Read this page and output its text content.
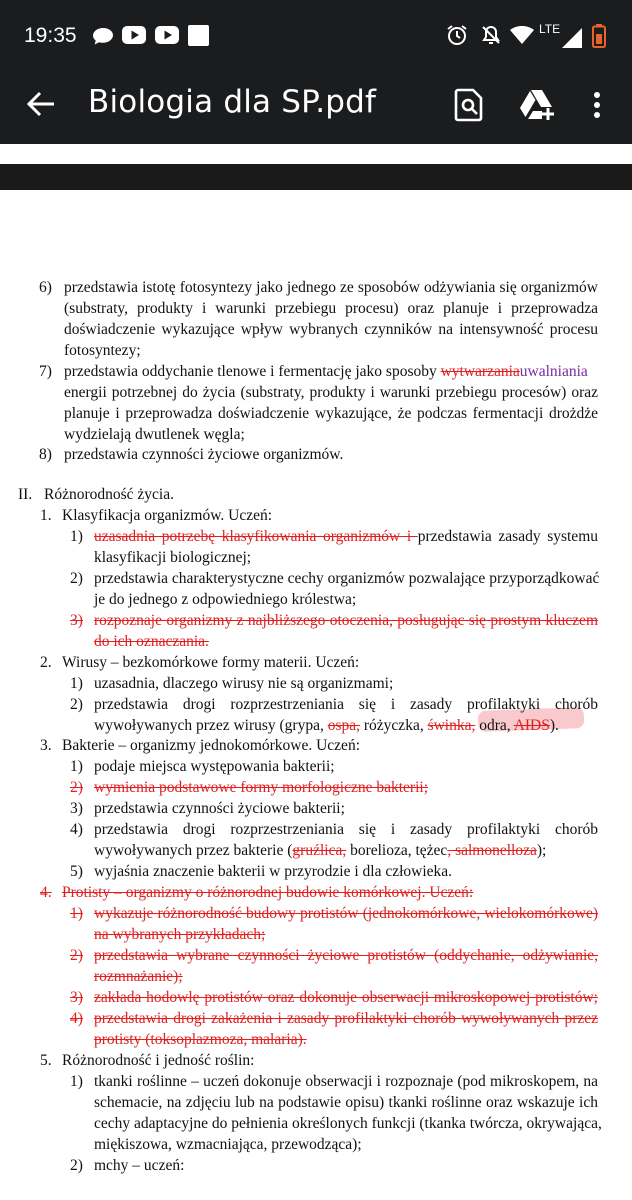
19:35	LTE
Biologia dla SP.pdf
6) przedstawia istotę fotosyntezy jako jednego ze sposobów odżywiania się organizmów
(substraty, produkty i warunki przebiegu procesu) oraz planuje i przeprowadza
doświadczenie wykazujące wpływ wybranych czynników na intensywność procesu
fotosyntezy;
7) przedstawia oddychanie tlenowe i fermentację jako sposoby wytwarzaniauwalniania
energii potrzebnej do życia (substraty, produkty i warunki przebiegu procesów) oraz
planuje i przeprowadza doświadczenie wykazujące, że podczas fermentacji drożdże
wydzielają dwutlenek węgla;
8) przedstawia czynności życiowe organizmów.
II. Różnorodność życia.
1. Klasyfikacja organizmów. Uczeń:
1) uzasadnia potrzebę klasyfikowania organizmów i przedstawia zasady systemu
klasyfikacji biologicznej;
2) przedstawia charakterystyczne cechy organizmów pozwalające przyporządkować
je do jednego z odpowiedniego królestwa;
3) rozpoznaje organizmy z najbliższego otoczenia, posługując się prostym kluczem
do ich oznaczania.
2. Wirusy – bezkomórkowe formy materii. Uczeń:
1) uzasadnia, dlaczego wirusy nie są organizmami;
2) przedstawia drogi rozprzestrzeniania się i zasady profilaktyki chorób
wywoływanych przez wirusy (grypa, ospa, różyczka, świnka, odra, AIDS).
3. Bakterie – organizmy jednokomórkowe. Uczeń:
1) podaje miejsca występowania bakterii;
2) wymienia podstawowe formy morfologiczne bakterii;
3) przedstawia czynności życiowe bakterii;
4) przedstawia drogi rozprzestrzeniania się i zasady profilaktyki chorób
wywoływanych przez bakterie (gruźlica, borelioza, tężec, salmonelloza);
5) wyjaśnia znaczenie bakterii w przyrodzie i dla człowieka.
4. Protisty – organizmy o różnorodnej budowie komórkowej. Uczeń:
1) wykazuje różnorodność budowy protistów (jednokomórkowe, wielokomórkowe)
na wybranych przykładach;
2) przedstawia wybrane czynności życiowe protistów (oddychanie, odżywianie,
rozmnażanie);
3) zakłada hodowlę protistów oraz dokonuje obserwacji mikroskopowej protistów;
4) przedstawia drogi zakażenia i zasady profilaktyki chorób wywoływanych przez
protisty (toksoplazmoza, malaria).
5. Różnorodność i jedność roślin:
1) tkanki roślinne – uczeń dokonuje obserwacji i rozpoznaje (pod mikroskopem, na
schemacie, na zdjęciu lub na podstawie opisu) tkanki roślinne oraz wskazuje ich
cechy adaptacyjne do pełnienia określonych funkcji (tkanka twórcza, okrywająca,
miękiszowa, wzmacniająca, przewodząca);
2) mchy – uczeń:
